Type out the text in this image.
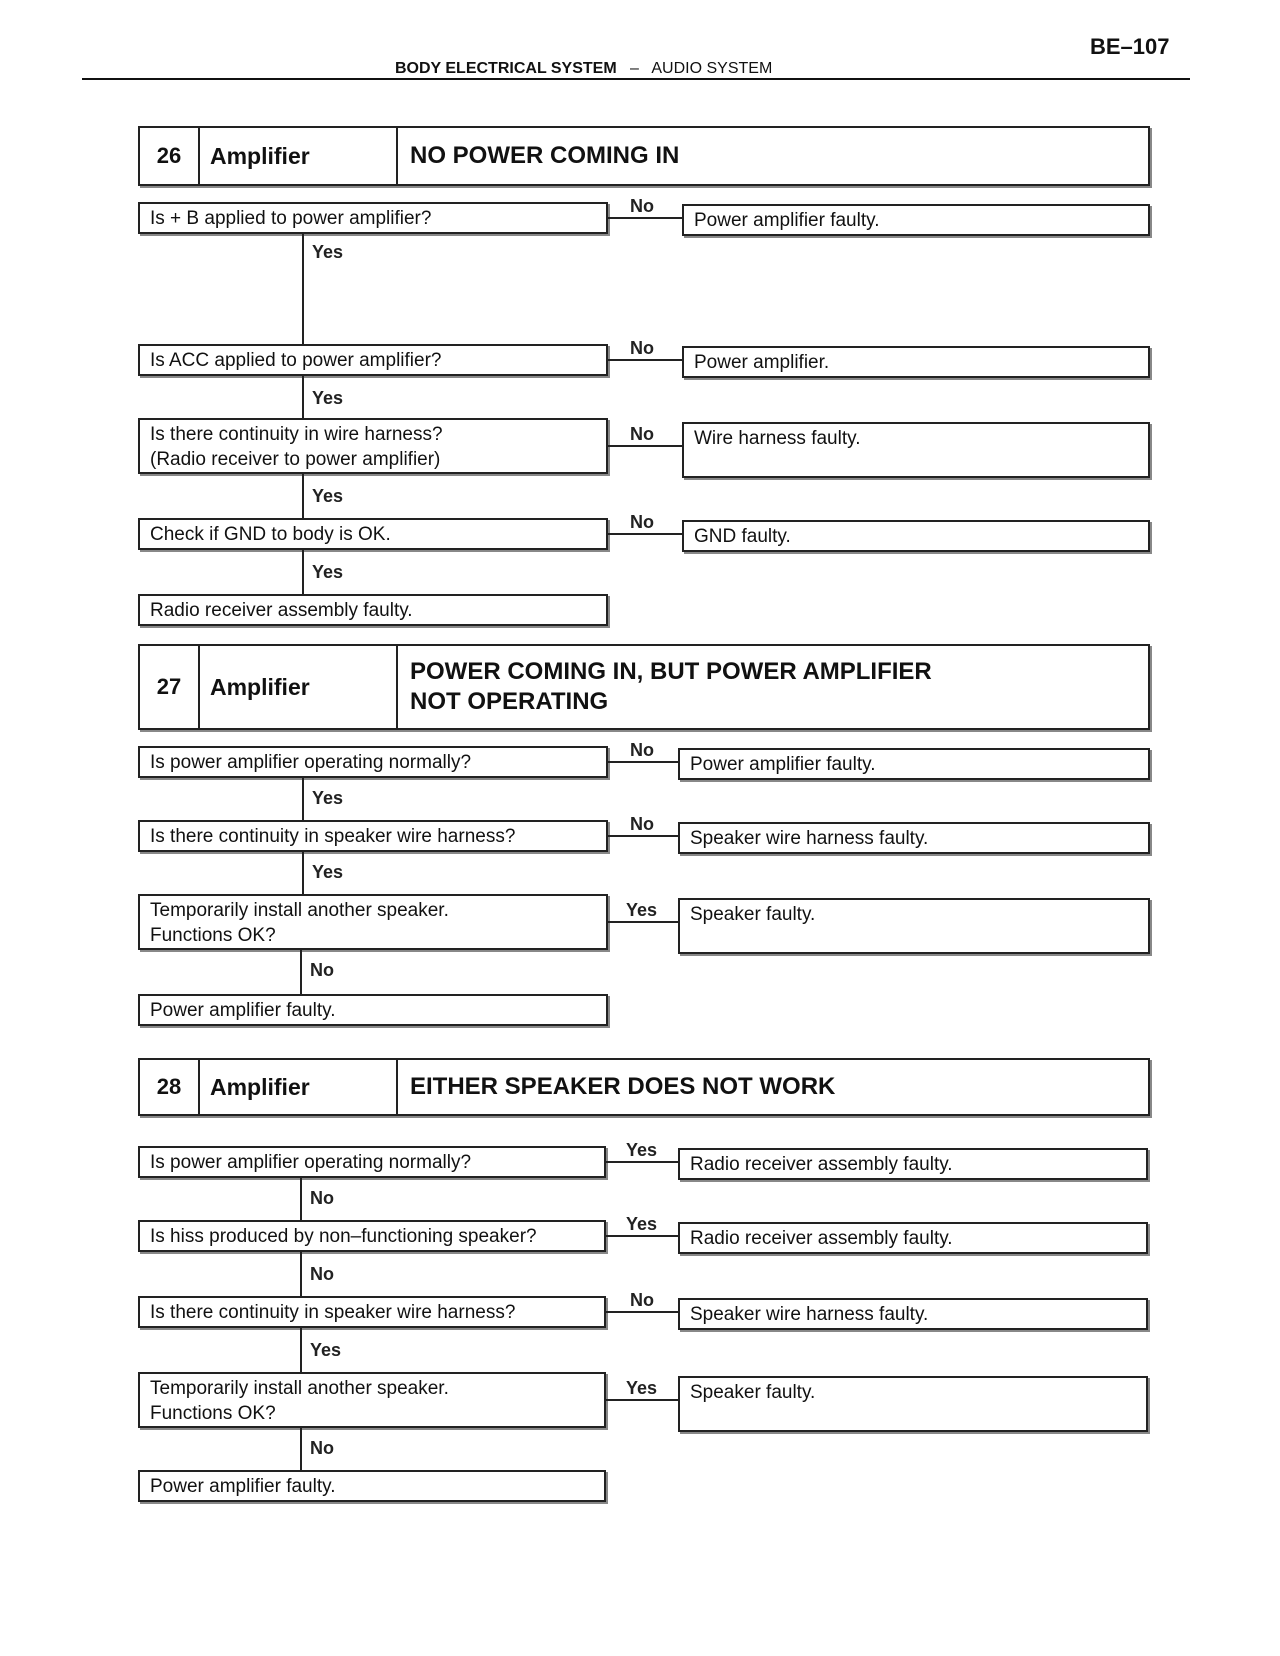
BE–107
BODY ELECTRICAL SYSTEM – AUDIO SYSTEM
26	Amplifier	NO POWER COMING IN
Is + B applied to power amplifier?
No
Power amplifier faulty.
Yes
Is ACC applied to power amplifier?
No
Power amplifier.
Yes
Is there continuity in wire harness?
(Radio receiver to power amplifier)
No Wire harness faulty.
Yes
Check if GND to body is OK.
No
GND faulty.
Yes
Radio receiver assembly faulty.
27	Amplifier
POWER COMING IN, BUT POWER AMPLIFIER
NOT OPERATING
Is power amplifier operating normally?
No
Power amplifier faulty.
Yes
Is there continuity in speaker wire harness?
No
Speaker wire harness faulty.
Yes
Temporarily install another speaker.
Functions OK?
Yes Speaker faulty.
No
Power amplifier faulty.
28	Amplifier	EITHER SPEAKER DOES NOT WORK
Is power amplifier operating normally?
Yes
Radio receiver assembly faulty.
No
Is hiss produced by non–functioning speaker?
Yes
Radio receiver assembly faulty.
No
Is there continuity in speaker wire harness?
No
Speaker wire harness faulty.
Yes
Temporarily install another speaker.
Functions OK?
Yes Speaker faulty.
No
Power amplifier faulty.
